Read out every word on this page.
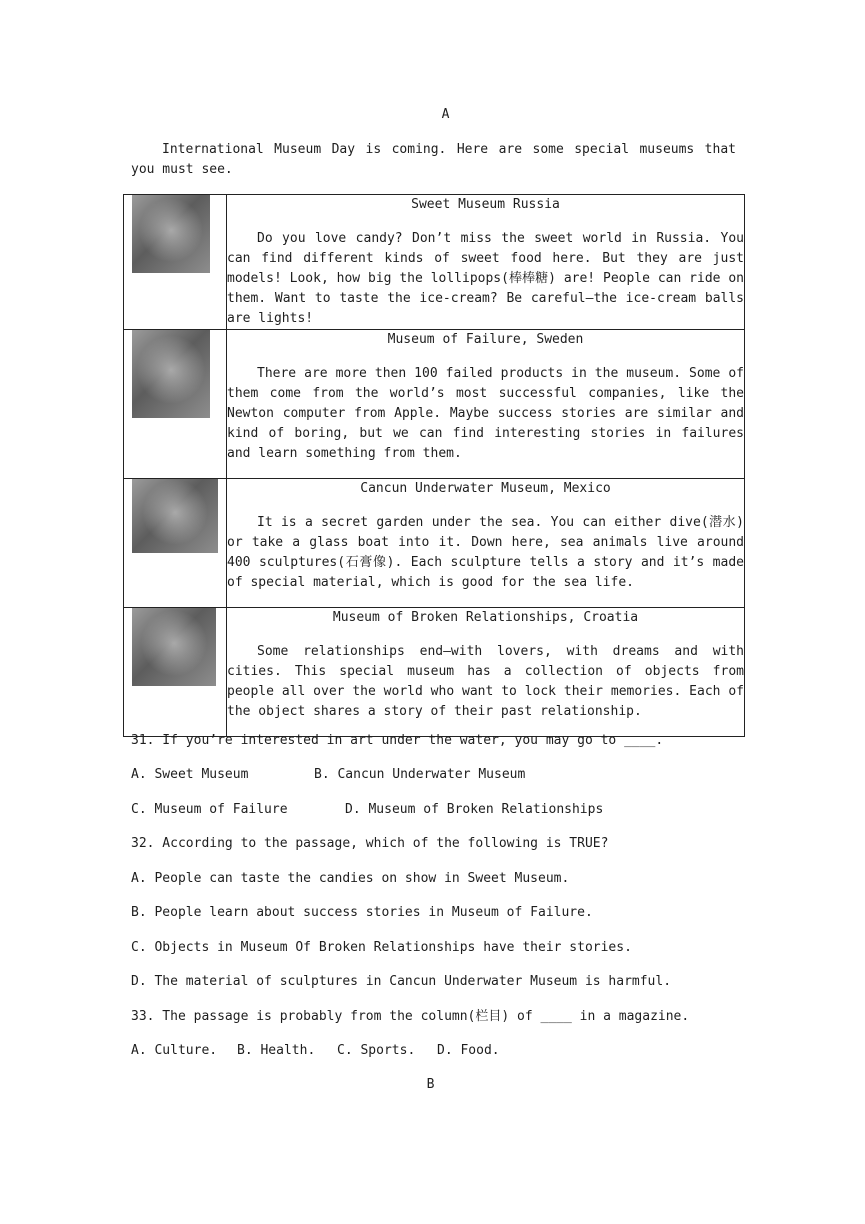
A
International Museum Day is coming. Here are some special museums that you must see.

	Sweet Museum Russia
Do you love candy? Don’t miss the sweet world in Russia. You can find different kinds of sweet food here. But they are just models! Look, how big the lollipops(棒棒糖) are! People can ride on them. Want to taste the ice-cream? Be careful—the ice-cream balls are lights!

	Museum of Failure, Sweden
There are more then 100 failed products in the museum. Some of them come from the world’s most successful companies, like the Newton computer from Apple. Maybe success stories are similar and kind of boring, but we can find interesting stories in failures and learn something from them.

	Cancun Underwater Museum, Mexico
It is a secret garden under the sea. You can either dive(潜水) or take a glass boat into it. Down here, sea animals live around 400 sculptures(石膏像). Each sculpture tells a story and it’s made of special material, which is good for the sea life.

	Museum of Broken Relationships, Croatia
Some relationships end—with lovers, with dreams and with cities. This special museum has a collection of objects from people all over the world who want to lock their memories. Each of the object shares a story of their past relationship.
31. If you’re interested in art under the water, you may go to ____.
A. Sweet Museum	B. Cancun Underwater Museum
C. Museum of Failure	D. Museum of Broken Relationships
32. According to the passage, which of the following is TRUE?
A. People can taste the candies on show in Sweet Museum.
B. People learn about success stories in Museum of Failure.
C. Objects in Museum Of Broken Relationships have their stories.
D. The material of sculptures in Cancun Underwater Museum is harmful.
33. The passage is probably from the column(栏目) of ____ in a magazine.
A. Culture. B. Health. C. Sports. D. Food.
B
